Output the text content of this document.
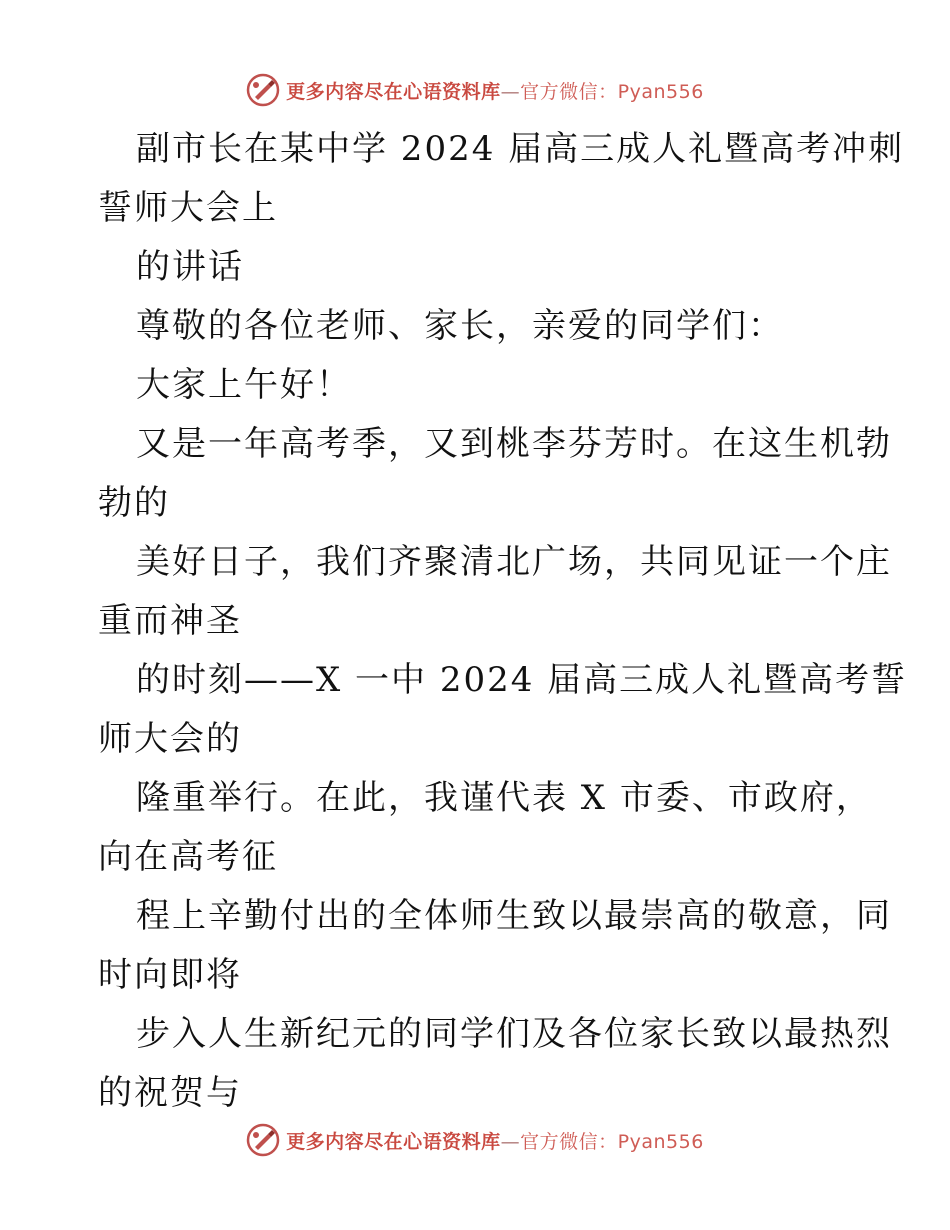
更多内容尽在心语资料库—官方微信：Pyan556
副市长在某中学 2024 届高三成人礼暨高考冲刺
誓师大会上
的讲话
尊敬的各位老师、家长，亲爱的同学们：
大家上午好！
又是一年高考季，又到桃李芬芳时。在这生机勃
勃的
美好日子，我们齐聚清北广场，共同见证一个庄
重而神圣
的时刻——X 一中 2024 届高三成人礼暨高考誓
师大会的
隆重举行。在此，我谨代表 X 市委、市政府，
向在高考征
程上辛勤付出的全体师生致以最崇高的敬意，同
时向即将
步入人生新纪元的同学们及各位家长致以最热烈
的祝贺与
更多内容尽在心语资料库—官方微信：Pyan556
